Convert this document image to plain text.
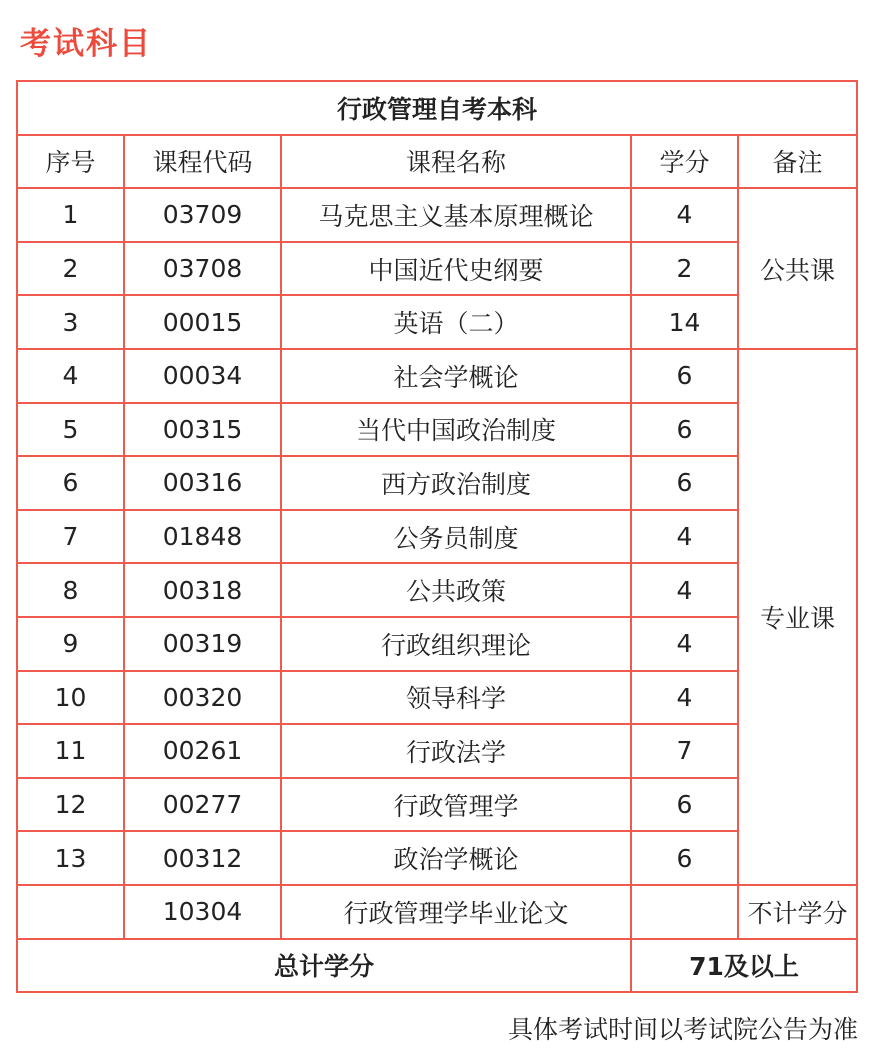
考试科目
行政管理自考本科				
序号	课程代码	课程名称	学分	备注
1	03709	马克思主义基本原理概论	4	公共课
2	03708	中国近代史纲要	2	
3	00015	英语（二）	14	
4	00034	社会学概论	6	专业课
5	00315	当代中国政治制度	6	
6	00316	西方政治制度	6	
7	01848	公务员制度	4	
8	00318	公共政策	4	
9	00319	行政组织理论	4	
10	00320	领导科学	4	
11	00261	行政法学	7	
12	00277	行政管理学	6	
13	00312	政治学概论	6	
	10304	行政管理学毕业论文		不计学分
总计学分			71及以上	

具体考试时间以考试院公告为准
